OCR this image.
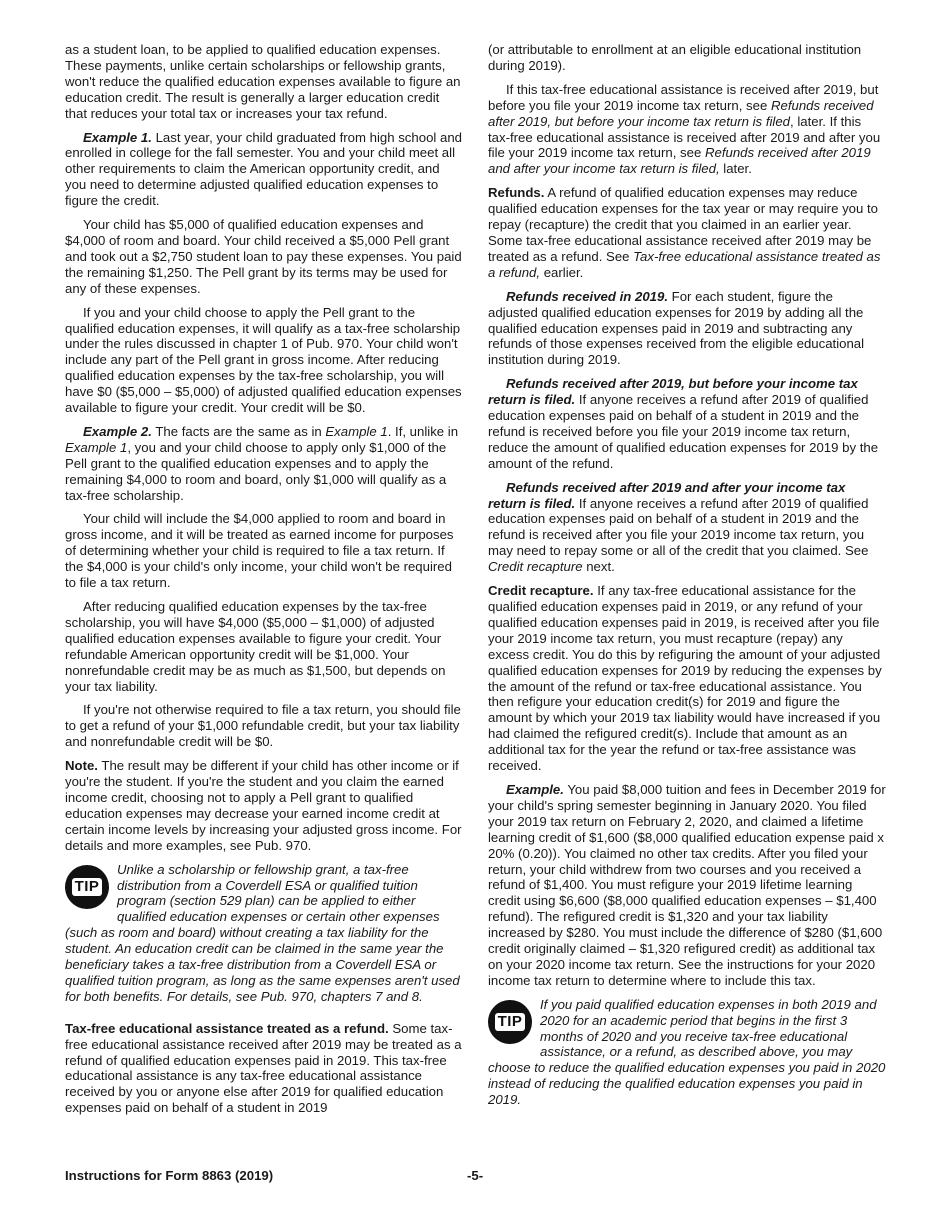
as a student loan, to be applied to qualified education expenses. These payments, unlike certain scholarships or fellowship grants, won't reduce the qualified education expenses available to figure an education credit. The result is generally a larger education credit that reduces your total tax or increases your tax refund.

Example 1. Last year, your child graduated from high school and enrolled in college for the fall semester. You and your child meet all other requirements to claim the American opportunity credit, and you need to determine adjusted qualified education expenses to figure the credit.

Your child has $5,000 of qualified education expenses and $4,000 of room and board. Your child received a $5,000 Pell grant and took out a $2,750 student loan to pay these expenses. You paid the remaining $1,250. The Pell grant by its terms may be used for any of these expenses.

If you and your child choose to apply the Pell grant to the qualified education expenses, it will qualify as a tax-free scholarship under the rules discussed in chapter 1 of Pub. 970. Your child won't include any part of the Pell grant in gross income. After reducing qualified education expenses by the tax-free scholarship, you will have $0 ($5,000 – $5,000) of adjusted qualified education expenses available to figure your credit. Your credit will be $0.

Example 2. The facts are the same as in Example 1. If, unlike in Example 1, you and your child choose to apply only $1,000 of the Pell grant to the qualified education expenses and to apply the remaining $4,000 to room and board, only $1,000 will qualify as a tax-free scholarship.

Your child will include the $4,000 applied to room and board in gross income, and it will be treated as earned income for purposes of determining whether your child is required to file a tax return. If the $4,000 is your child's only income, your child won't be required to file a tax return.

After reducing qualified education expenses by the tax-free scholarship, you will have $4,000 ($5,000 – $1,000) of adjusted qualified education expenses available to figure your credit. Your refundable American opportunity credit will be $1,000. Your nonrefundable credit may be as much as $1,500, but depends on your tax liability.

If you're not otherwise required to file a tax return, you should file to get a refund of your $1,000 refundable credit, but your tax liability and nonrefundable credit will be $0.

Note. The result may be different if your child has other income or if you're the student. If you're the student and you claim the earned income credit, choosing not to apply a Pell grant to qualified education expenses may decrease your earned income credit at certain income levels by increasing your adjusted gross income. For details and more examples, see Pub. 970.

TIP
Unlike a scholarship or fellowship grant, a tax-free distribution from a Coverdell ESA or qualified tuition program (section 529 plan) can be applied to either qualified education expenses or certain other expenses (such as room and board) without creating a tax liability for the student. An education credit can be claimed in the same year the beneficiary takes a tax-free distribution from a Coverdell ESA or qualified tuition program, as long as the same expenses aren't used for both benefits. For details, see Pub. 970, chapters 7 and 8.

Tax-free educational assistance treated as a refund. Some tax-free educational assistance received after 2019 may be treated as a refund of qualified education expenses paid in 2019. This tax-free educational assistance is any tax-free educational assistance received by you or anyone else after 2019 for qualified education expenses paid on behalf of a student in 2019

(or attributable to enrollment at an eligible educational institution during 2019).

If this tax-free educational assistance is received after 2019, but before you file your 2019 income tax return, see Refunds received after 2019, but before your income tax return is filed, later. If this tax-free educational assistance is received after 2019 and after you file your 2019 income tax return, see Refunds received after 2019 and after your income tax return is filed, later.

Refunds. A refund of qualified education expenses may reduce qualified education expenses for the tax year or may require you to repay (recapture) the credit that you claimed in an earlier year. Some tax-free educational assistance received after 2019 may be treated as a refund. See Tax-free educational assistance treated as a refund, earlier.

Refunds received in 2019. For each student, figure the adjusted qualified education expenses for 2019 by adding all the qualified education expenses paid in 2019 and subtracting any refunds of those expenses received from the eligible educational institution during 2019.

Refunds received after 2019, but before your income tax return is filed. If anyone receives a refund after 2019 of qualified education expenses paid on behalf of a student in 2019 and the refund is received before you file your 2019 income tax return, reduce the amount of qualified education expenses for 2019 by the amount of the refund.

Refunds received after 2019 and after your income tax return is filed. If anyone receives a refund after 2019 of qualified education expenses paid on behalf of a student in 2019 and the refund is received after you file your 2019 income tax return, you may need to repay some or all of the credit that you claimed. See Credit recapture next.

Credit recapture. If any tax-free educational assistance for the qualified education expenses paid in 2019, or any refund of your qualified education expenses paid in 2019, is received after you file your 2019 income tax return, you must recapture (repay) any excess credit. You do this by refiguring the amount of your adjusted qualified education expenses for 2019 by reducing the expenses by the amount of the refund or tax-free educational assistance. You then refigure your education credit(s) for 2019 and figure the amount by which your 2019 tax liability would have increased if you had claimed the refigured credit(s). Include that amount as an additional tax for the year the refund or tax-free assistance was received.

Example. You paid $8,000 tuition and fees in December 2019 for your child's spring semester beginning in January 2020. You filed your 2019 tax return on February 2, 2020, and claimed a lifetime learning credit of $1,600 ($8,000 qualified education expense paid x 20% (0.20)). You claimed no other tax credits. After you filed your return, your child withdrew from two courses and you received a refund of $1,400. You must refigure your 2019 lifetime learning credit using $6,600 ($8,000 qualified education expenses – $1,400 refund). The refigured credit is $1,320 and your tax liability increased by $280. You must include the difference of $280 ($1,600 credit originally claimed – $1,320 refigured credit) as additional tax on your 2020 income tax return. See the instructions for your 2020 income tax return to determine where to include this tax.

TIP
If you paid qualified education expenses in both 2019 and 2020 for an academic period that begins in the first 3 months of 2020 and you receive tax-free educational assistance, or a refund, as described above, you may choose to reduce the qualified education expenses you paid in 2020 instead of reducing the qualified education expenses you paid in 2019.
Instructions for Form 8863 (2019)	-5-
